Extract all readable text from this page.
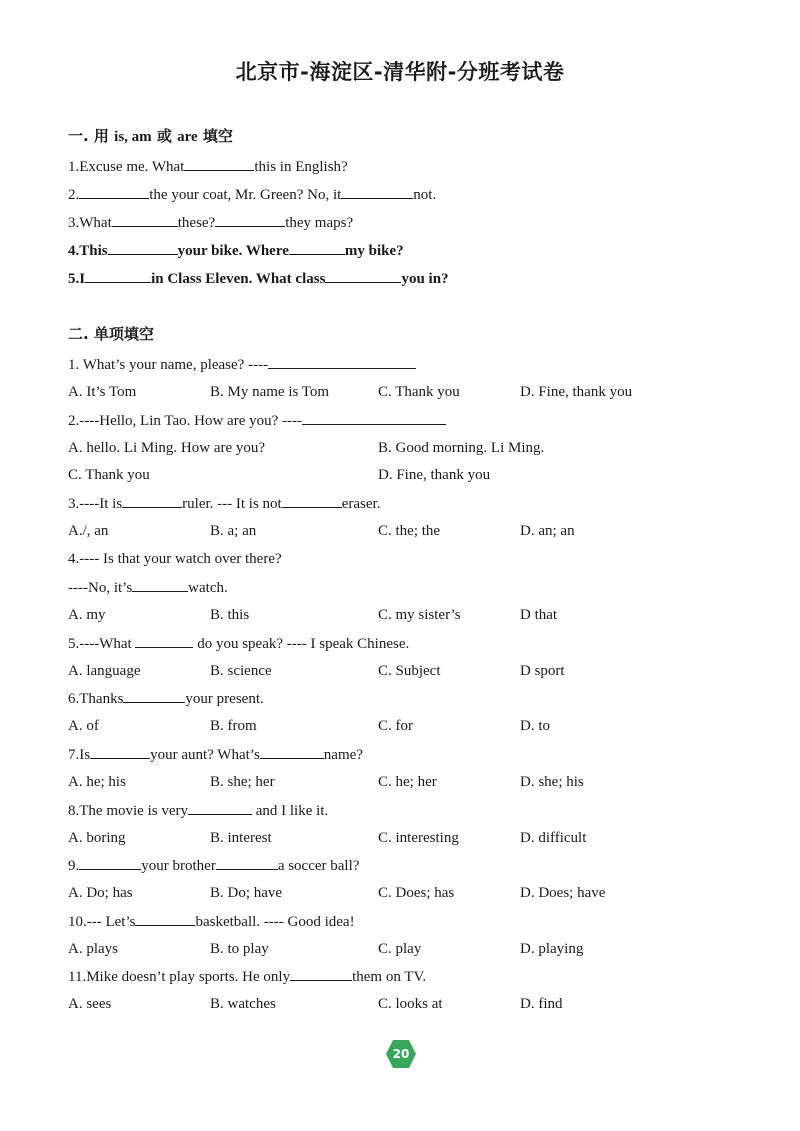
北京市-海淀区-清华附-分班考试卷
一. 用 is, am 或 are 填空
1.Excuse me. What	this in English?
2.	the your coat, Mr. Green? No, it	not.
3.What	these?	they maps?
4.This	your bike. Where	my bike?
5.I	in Class Eleven. What class	you in?
二. 单项填空
1. What’s your name, please? ----
A. It’s Tom	B. My name is Tom	C. Thank you	D. Fine, thank you
2.----Hello, Lin Tao. How are you? ----
A. hello. Li Ming. How are you?	B. Good morning. Li Ming.
C. Thank you	D. Fine, thank you
3.----It is	ruler. --- It is not	eraser.
A./, an	B. a; an	C. the; the	D. an; an
4.---- Is that your watch over there?
----No, it’s	watch.
A. my	B. this	C. my sister’s	D that
5.----What	do you speak? ---- I speak Chinese.
A. language	B. science	C. Subject	D sport
6.Thanks	your present.
A. of	B. from	C. for	D. to
7.Is	your aunt? What’s	name?
A. he; his	B. she; her	C. he; her	D. she; his
8.The movie is very	and I like it.
A. boring	B. interest	C. interesting	D. difficult
9.	your brother	a soccer ball?
A. Do; has	B. Do; have	C. Does; has	D. Does; have
10.--- Let’s	basketball. ---- Good idea!
A. plays	B. to play	C. play	D. playing
11.Mike doesn’t play sports. He only	them on TV.
A. sees	B. watches	C. looks at	D. find
20
